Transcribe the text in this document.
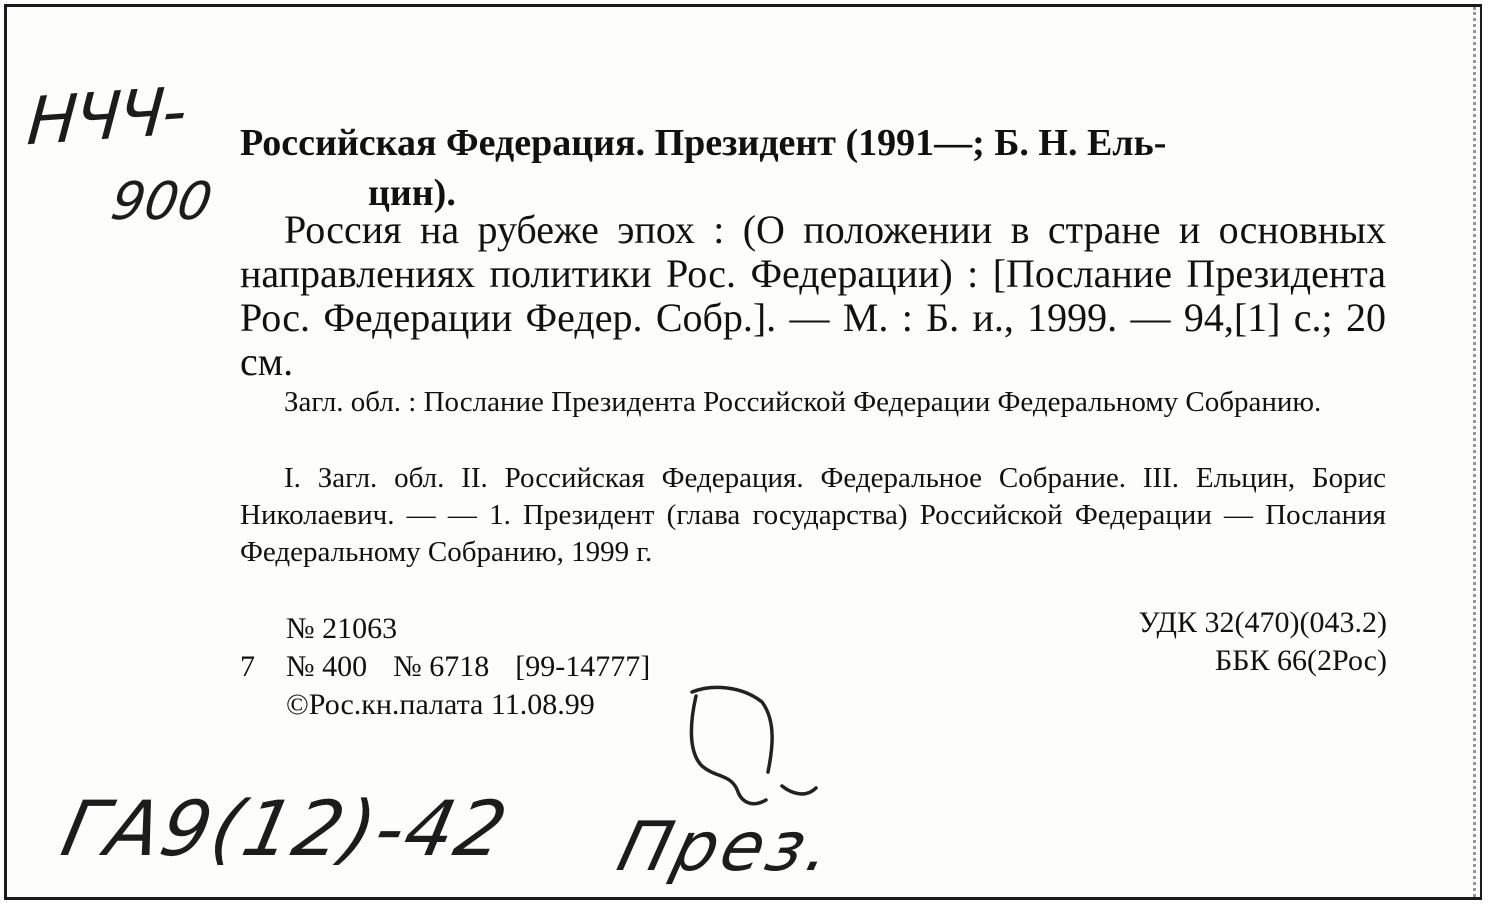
НЧЧ-
900
Российская Федерация. Президент (1991—; Б. Н. Ель-
цин).
Россия на рубеже эпох : (О положении в стране и основных направлениях политики Рос. Федерации) : [Послание Президента Рос. Федерации Федер. Собр.]. — М. : Б. и., 1999. — 94,[1] с.; 20 см.
Загл. обл. : Послание Президента Российской Федерации Федеральному Собранию.
I. Загл. обл. II. Российская Федерация. Федеральное Собрание. III. Ельцин, Борис Николаевич. — — 1. Президент (глава государства) Российской Федерации — Послания Федеральному Собранию, 1999 г.
№ 21063
7 № 400 № 6718 [99-14777]
©Рос.кн.палата 11.08.99
УДК 32(470)(043.2)
ББК 66(2Рос)
ГА9(12)-42 През.
